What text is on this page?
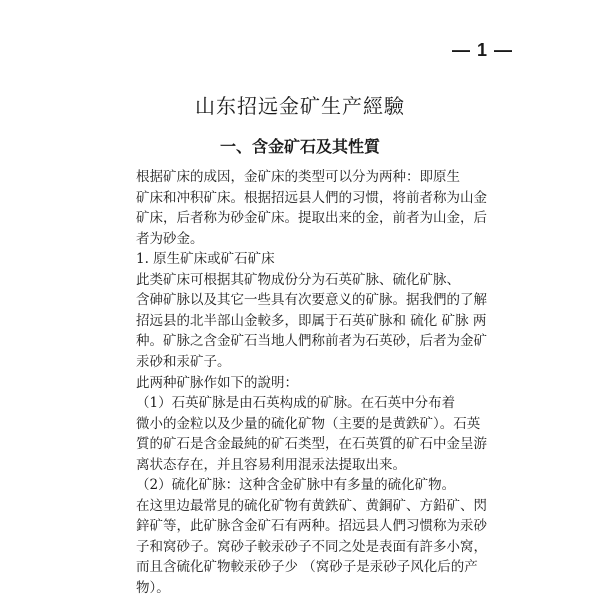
— 1 —
山东招远金矿生产經驗
一、含金矿石及其性質
根据矿床的成因，金矿床的类型可以分为两种：即原生
矿床和冲积矿床。根据招远县人們的习惯，将前者称为山金
矿床，后者称为砂金矿床。提取出来的金，前者为山金，后
者为砂金。
1. 原生矿床或矿石矿床
此类矿床可根据其矿物成份分为石英矿脉、硫化矿脉、
含砷矿脉以及其它一些具有次要意义的矿脉。据我們的了解
招远县的北半部山金較多，即属于石英矿脉和 硫化 矿脉 两
种。矿脉之含金矿石当地人們称前者为石英砂，后者为金矿
汞砂和汞矿子。
此两种矿脉作如下的說明：
（1）石英矿脉是由石英构成的矿脉。在石英中分布着
微小的金粒以及少量的硫化矿物（主要的是黄鉄矿）。石英
質的矿石是含金最純的矿石类型，在石英質的矿石中金呈游
离状态存在，并且容易利用混汞法提取出来。
（2）硫化矿脉：这种含金矿脉中有多量的硫化矿物。
在这里边最常見的硫化矿物有黄鉄矿、黄銅矿、方鉛矿、閃
鋅矿等，此矿脉含金矿石有两种。招远县人們习惯称为汞砂
子和窝砂子。窝砂子較汞砂子不同之处是表面有許多小窝，
而且含硫化矿物較汞砂子少 （窝砂子是汞砂子风化后的产
物）。
